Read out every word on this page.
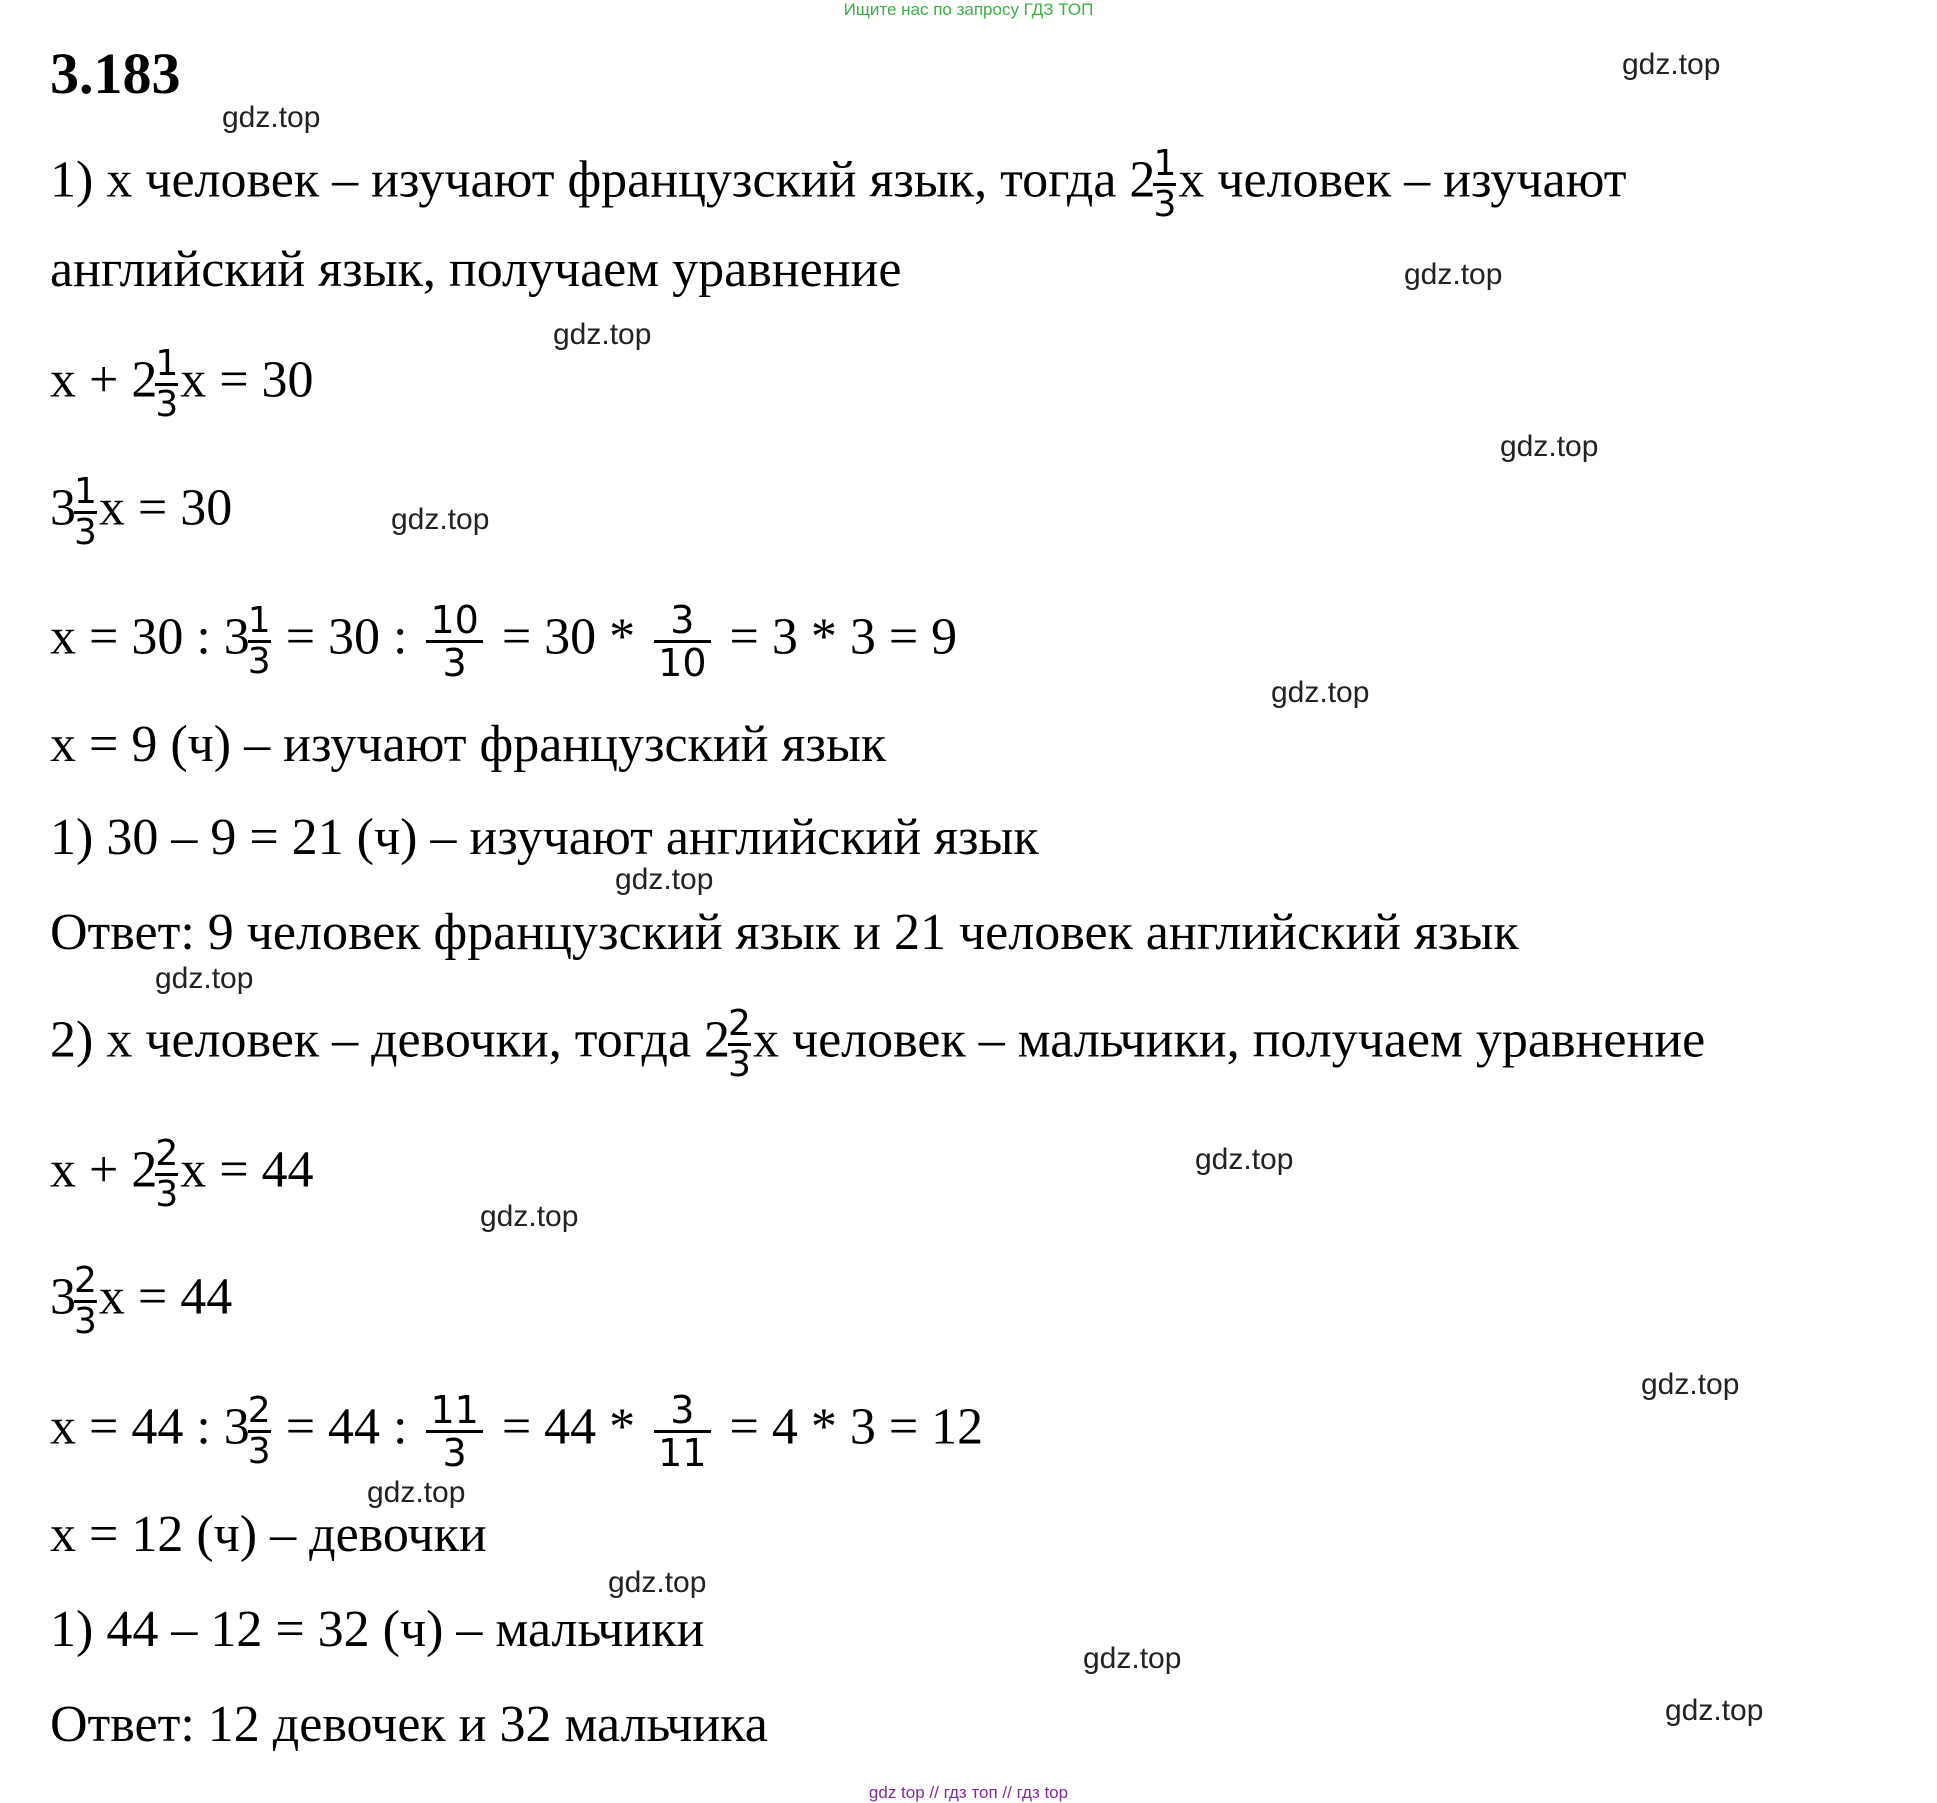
Ищите нас по запросу ГДЗ ТОП
3.183
1) x человек – изучают французский язык, тогда 2
$\frac{1}{3}$ x человек – изучают
английский язык, получаем уравнение
x + 2
$\frac{1}{3}$ x = 30
3
$\frac{1}{3}$ x = 30
x = 30 : 3
$\frac{1}{3} = 30$ : $\frac{10}{3} = 30 * \frac{3}{10} = 3 * 3 = 9$
x = 9 (ч) – изучают французский язык
1) 30 – 9 = 21 (ч) – изучают английский язык
Ответ: 9 человек французский язык и 21 человек английский язык
2) x человек – девочки, тогда 2
$\frac{2}{3}$ x человек – мальчики, получаем уравнение
x + 2
$\frac{2}{3}$ x = 44
3
$\frac{2}{3}$ x = 44
x = 44 : 3
$\frac{2}{3} = 44$ : $\frac{11}{3} = 44 * \frac{3}{11} = 4 * 3 = 12$
x = 12 (ч) – девочки
1) 44 – 12 = 32 (ч) – мальчики
Ответ: 12 девочек и 32 мальчика
gdz.top
gdz.top
gdz.top
gdz.top
gdz.top
gdz.top
gdz.top
gdz.top
gdz.top
gdz.top
gdz.top
gdz.top
gdz.top
gdz.top
gdz.top
gdz.top
gdz top // гдз топ // гдз top
